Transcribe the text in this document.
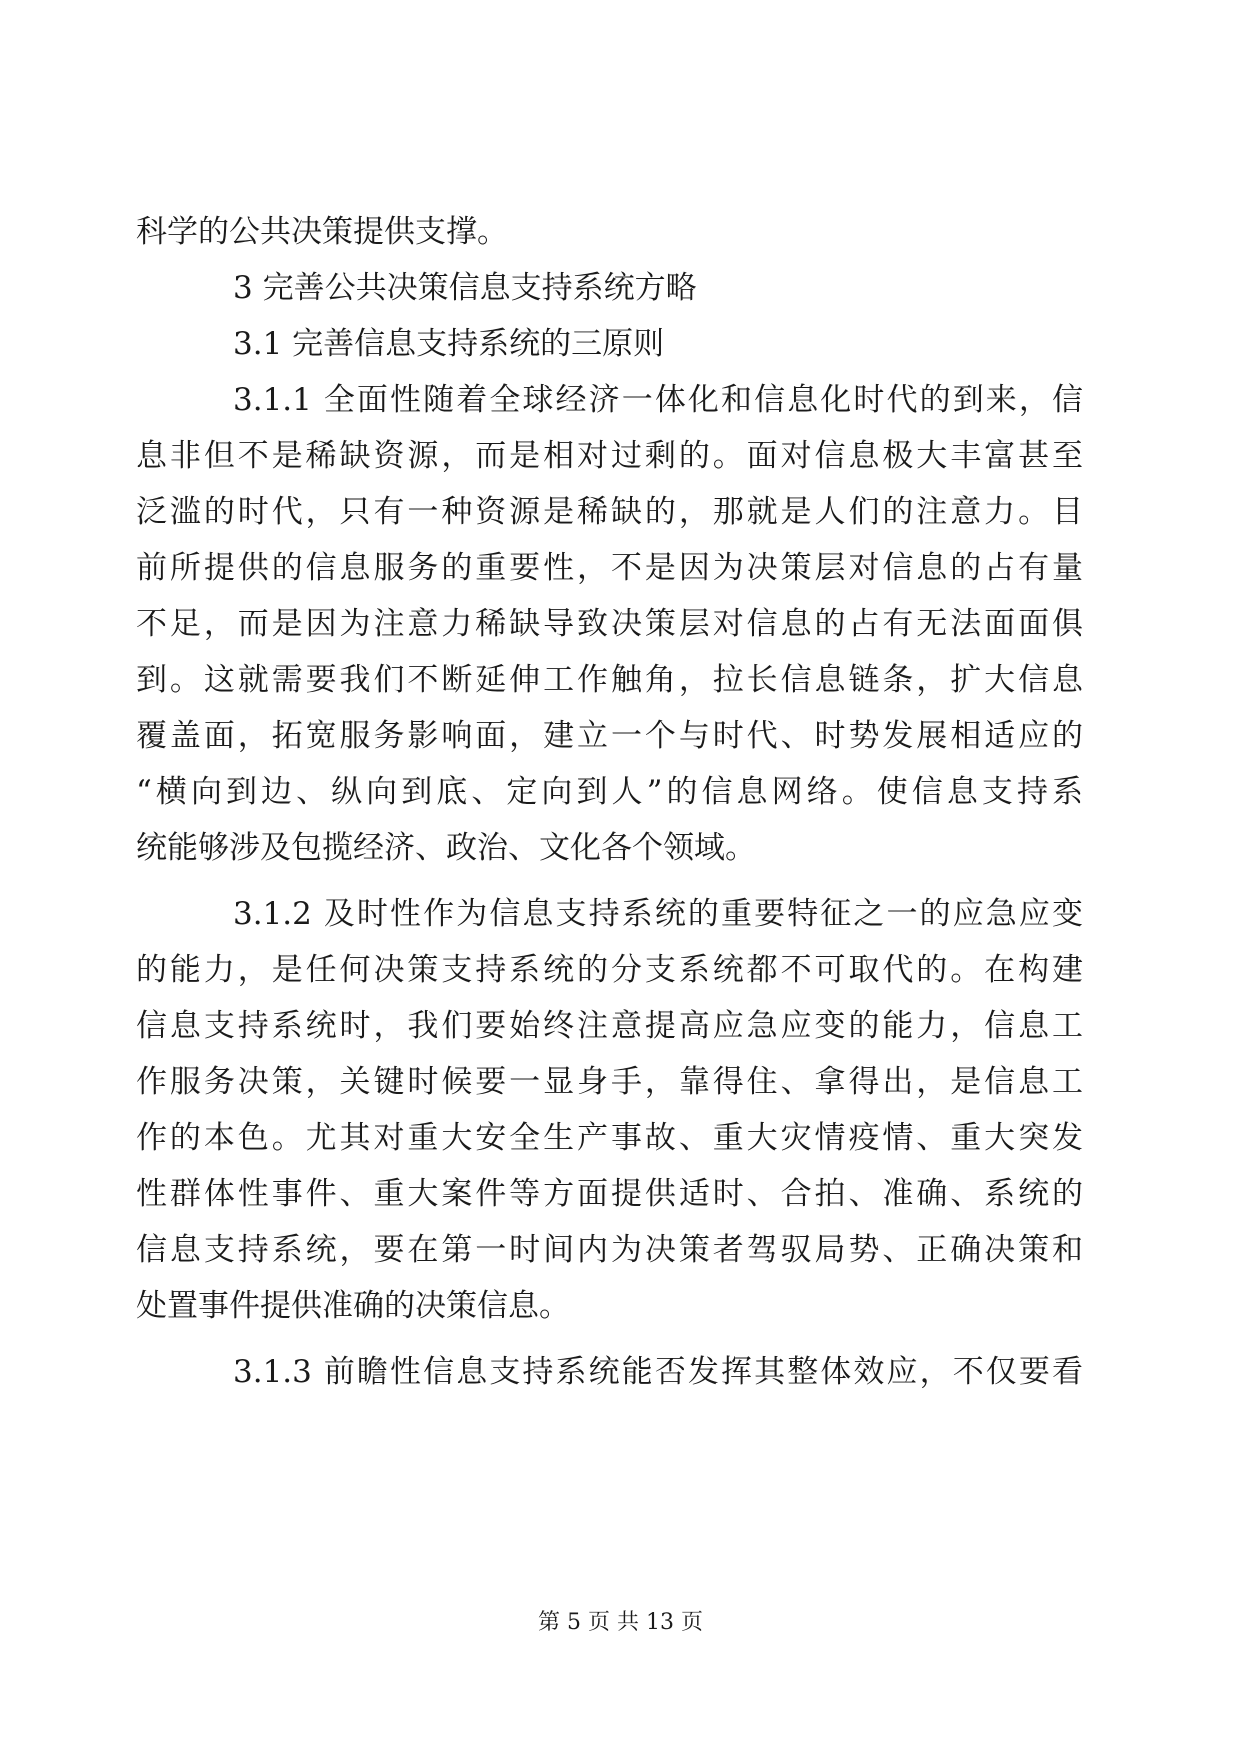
科学的公共决策提供支撑。
3 完善公共决策信息支持系统方略
3.1 完善信息支持系统的三原则
3.1.1 全面性随着全球经济一体化和信息化时代的到来，信
息非但不是稀缺资源，而是相对过剩的。面对信息极大丰富甚至
泛滥的时代，只有一种资源是稀缺的，那就是人们的注意力。目
前所提供的信息服务的重要性，不是因为决策层对信息的占有量
不足，而是因为注意力稀缺导致决策层对信息的占有无法面面俱
到。这就需要我们不断延伸工作触角，拉长信息链条，扩大信息
覆盖面，拓宽服务影响面，建立一个与时代、时势发展相适应的
“横向到边、纵向到底、定向到人”的信息网络。使信息支持系
统能够涉及包揽经济、政治、文化各个领域。
3.1.2 及时性作为信息支持系统的重要特征之一的应急应变
的能力，是任何决策支持系统的分支系统都不可取代的。在构建
信息支持系统时，我们要始终注意提高应急应变的能力，信息工
作服务决策，关键时候要一显身手，靠得住、拿得出，是信息工
作的本色。尤其对重大安全生产事故、重大灾情疫情、重大突发
性群体性事件、重大案件等方面提供适时、合拍、准确、系统的
信息支持系统，要在第一时间内为决策者驾驭局势、正确决策和
处置事件提供准确的决策信息。
3.1.3 前瞻性信息支持系统能否发挥其整体效应，不仅要看
第 5 页 共 13 页
